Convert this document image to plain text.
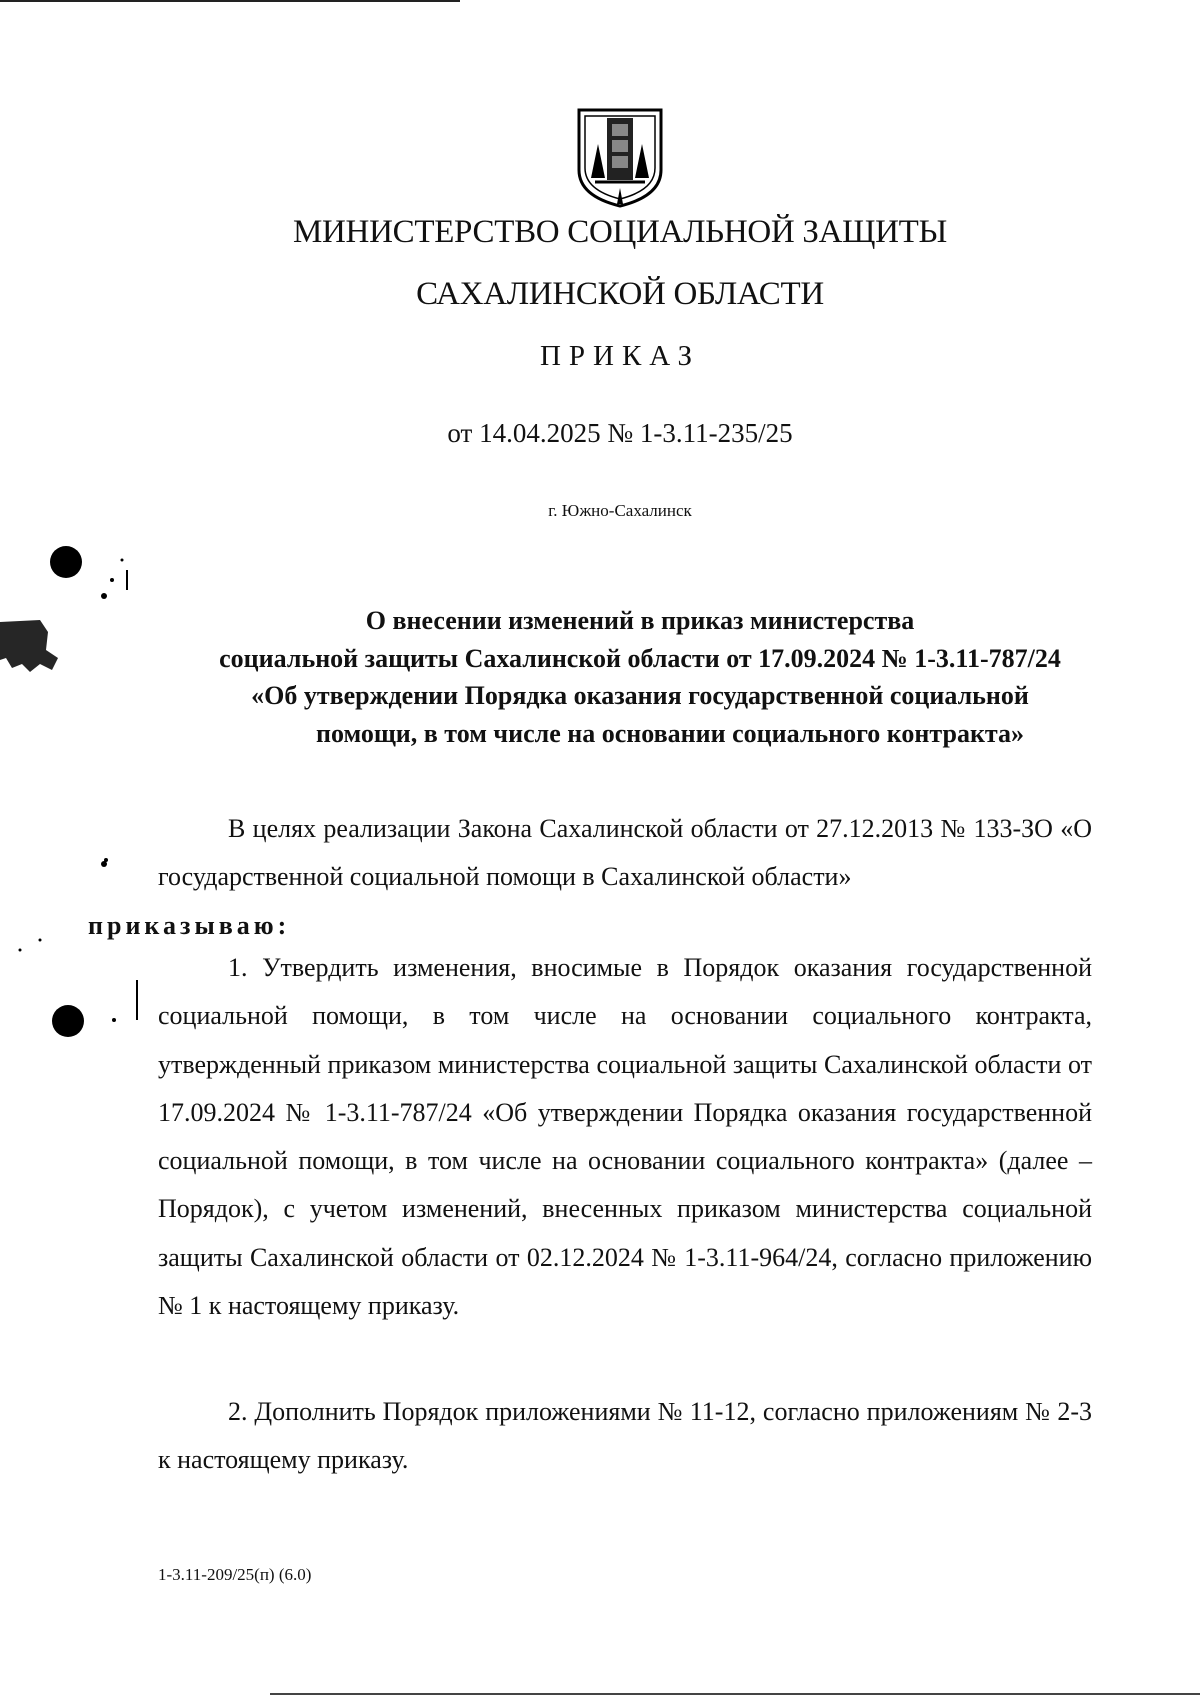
МИНИСТЕРСТВО СОЦИАЛЬНОЙ ЗАЩИТЫ
САХАЛИНСКОЙ ОБЛАСТИ
ПРИКАЗ
от 14.04.2025 № 1-3.11-235/25
г. Южно-Сахалинск
О внесении изменений в приказ министерства
социальной защиты Сахалинской области от 17.09.2024 № 1-3.11-787/24
«Об утверждении Порядка оказания государственной социальной
помощи, в том числе на основании социального контракта»
В целях реализации Закона Сахалинской области от 27.12.2013 № 133-ЗО «О государственной социальной помощи в Сахалинской области»
приказываю:
1. Утвердить изменения, вносимые в Порядок оказания государственной социальной помощи, в том числе на основании социального контракта, утвержденный приказом министерства социальной защиты Сахалинской области от 17.09.2024 № 1-3.11-787/24 «Об утверждении Порядка оказания государственной социальной помощи, в том числе на основании социального контракта» (далее – Порядок), с учетом изменений, внесенных приказом министерства социальной защиты Сахалинской области от 02.12.2024 № 1-3.11-964/24, согласно приложению № 1 к настоящему приказу.
2. Дополнить Порядок приложениями № 11-12, согласно приложениям № 2-3 к настоящему приказу.
1-3.11-209/25(п) (6.0)
